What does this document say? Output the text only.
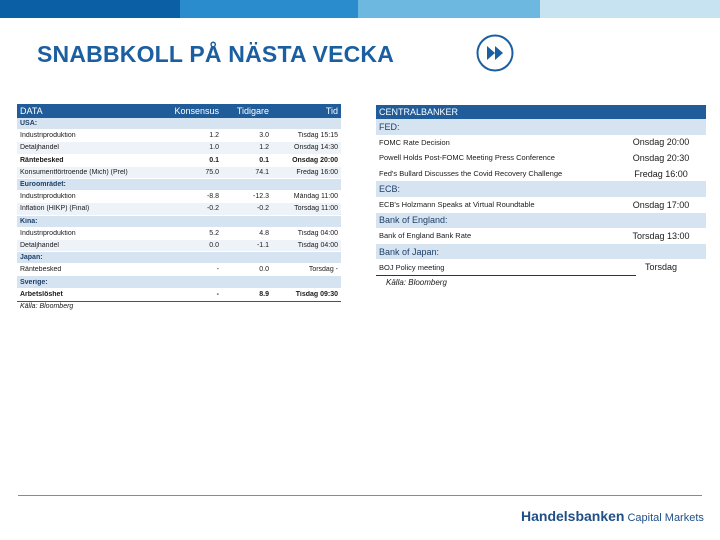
SNABBKOLL PÅ NÄSTA VECKA
DATA	Konsensus	Tidigare	Tid
USA:
Industriproduktion	1.2	3.0	Tisdag 15:15
Detaljhandel	1.0	1.2	Onsdag 14:30
Räntebesked	0.1	0.1	Onsdag 20:00
Konsumentförtroende (Mich) (Prel)	75.0	74.1	Fredag 16:00
Euroområdet:
Industriproduktion	-8.8	-12.3	Måndag 11:00
Inflation (HIKP) (Final)	-0.2	-0.2	Torsdag 11:00
Kina:
Industriproduktion	5.2	4.8	Tisdag 04:00
Detaljhandel	0.0	-1.1	Tisdag 04:00
Japan:
Räntebesked	-	0.0	Torsdag -
Sverige:
Arbetslöshet	-	8.9	Tisdag 09:30
Källa: Bloomberg
CENTRALBANKER
FED:
FOMC Rate Decision	Onsdag 20:00
Powell Holds Post-FOMC Meeting Press Conference	Onsdag 20:30
Fed's Bullard Discusses the Covid Recovery Challenge	Fredag 16:00
ECB:
ECB's Holzmann Speaks at Virtual Roundtable	Onsdag 17:00
Bank of England:
Bank of England Bank Rate	Torsdag 13:00
Bank of Japan:
BOJ Policy meeting	Torsdag
Källa: Bloomberg
Handelsbanken Capital Markets
